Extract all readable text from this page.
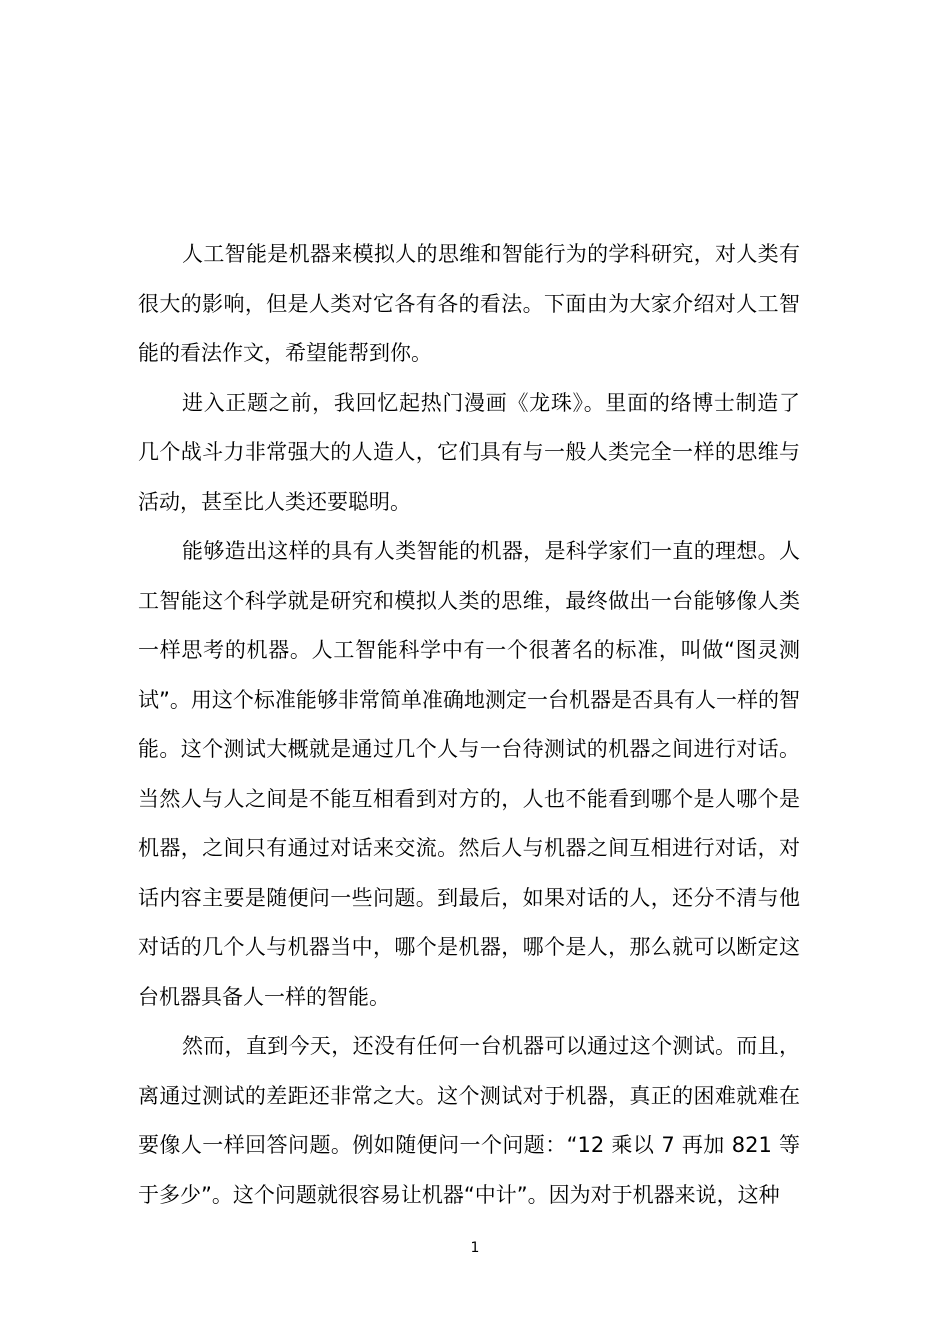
人工智能是机器来模拟人的思维和智能行为的学科研究，对人类有很大的影响，但是人类对它各有各的看法。下面由为大家介绍对人工智能的看法作文，希望能帮到你。

进入正题之前，我回忆起热门漫画《龙珠》。里面的络博士制造了几个战斗力非常强大的人造人，它们具有与一般人类完全一样的思维与活动，甚至比人类还要聪明。

能够造出这样的具有人类智能的机器，是科学家们一直的理想。人工智能这个科学就是研究和模拟人类的思维，最终做出一台能够像人类一样思考的机器。人工智能科学中有一个很著名的标准，叫做“图灵测试”。用这个标准能够非常简单准确地测定一台机器是否具有人一样的智能。这个测试大概就是通过几个人与一台待测试的机器之间进行对话。当然人与人之间是不能互相看到对方的，人也不能看到哪个是人哪个是机器，之间只有通过对话来交流。然后人与机器之间互相进行对话，对话内容主要是随便问一些问题。到最后，如果对话的人，还分不清与他对话的几个人与机器当中，哪个是机器，哪个是人，那么就可以断定这台机器具备人一样的智能。

然而，直到今天，还没有任何一台机器可以通过这个测试。而且，离通过测试的差距还非常之大。这个测试对于机器，真正的困难就难在要像人一样回答问题。例如随便问一个问题：“12 乘以 7 再加 821 等于多少”。这个问题就很容易让机器“中计”。因为对于机器来说，这种

1
